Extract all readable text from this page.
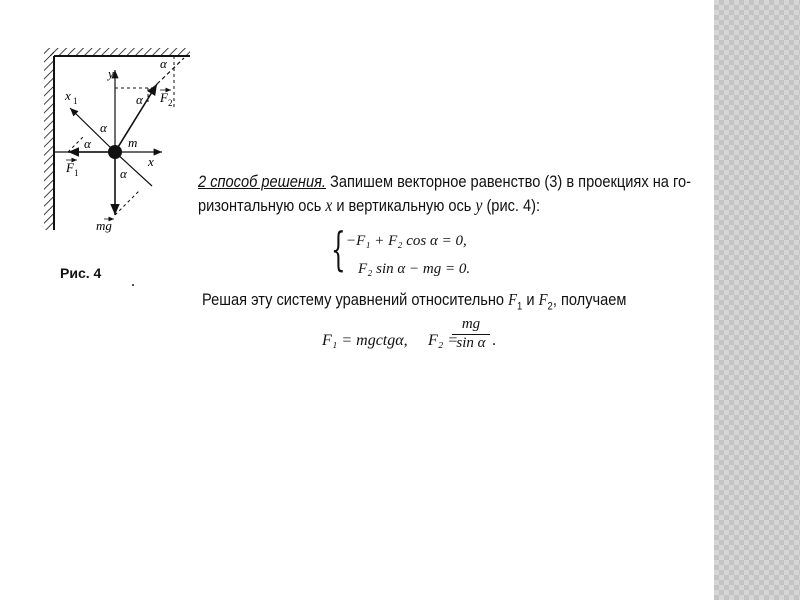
y
x
x 1
m
α
α
α
α
α
F 2
F 1
mg
Рис. 4
2 способ решения. Запишем векторное равенство (3) в проекциях на го-
ризонтальную ось x и вертикальную ось y (рис. 4):
{ −F₁ + F₂ cos α = 0,
F₂ sin α − mg = 0.
Решая эту систему уравнений относительно $F_1$ и $F_2$, получаем
F₁ = mgctgα, F₂ =
$\frac{mg}{\text{sin α}}$ .
